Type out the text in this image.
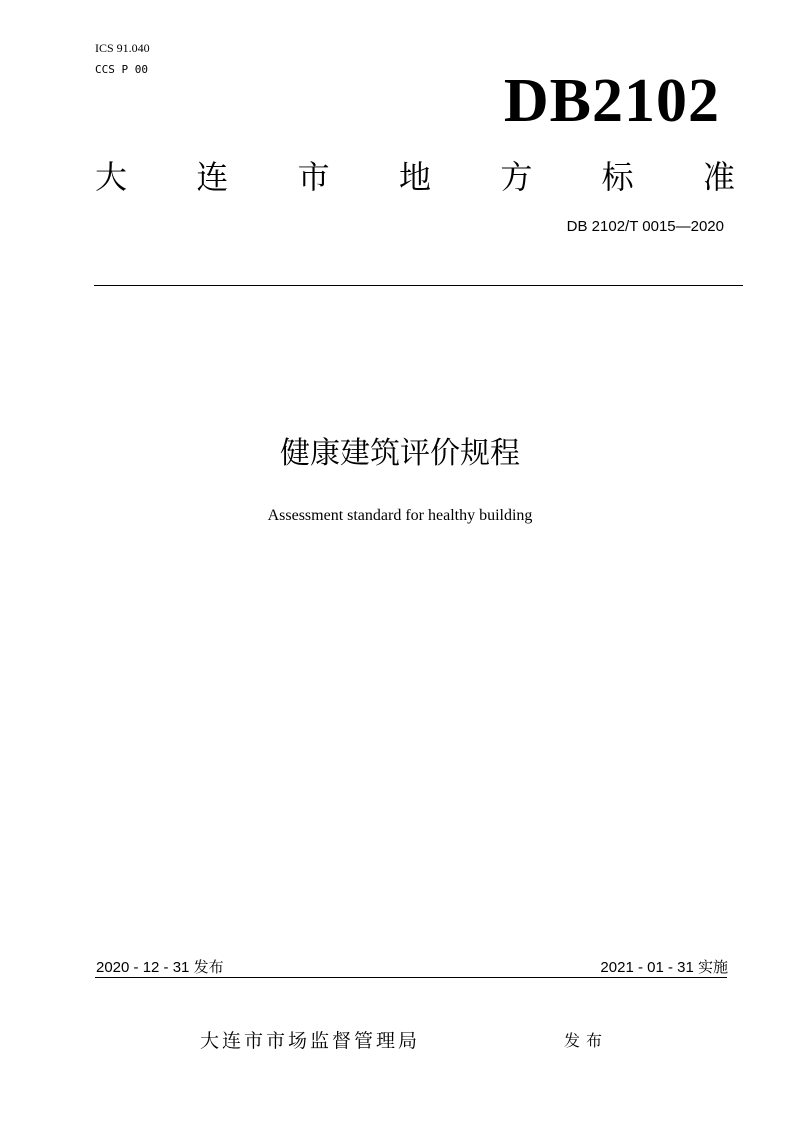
ICS 91.040
CCS P 00	DB2102
大 连 市 地 方 标 准
DB 2102/T 0015—2020
健康建筑评价规程
Assessment standard for healthy building
2020 - 12 - 31 发布	2021 - 01 - 31 实施
大连市市场监督管理局	发布
